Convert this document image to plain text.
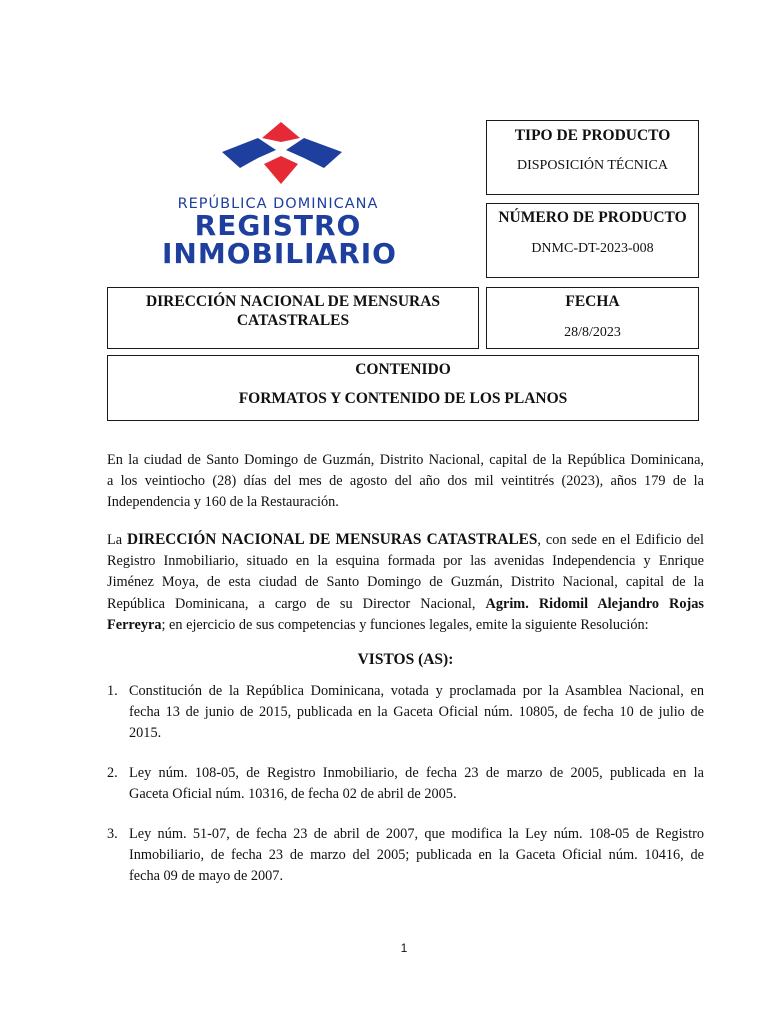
REPÚBLICA DOMINICANA
REGISTRO
INMOBILIARIO
TIPO DE PRODUCTO
DISPOSICIÓN TÉCNICA
NÚMERO DE PRODUCTO
DNMC-DT-2023-008
DIRECCIÓN NACIONAL DE MENSURAS
CATASTRALES
FECHA
28/8/2023
CONTENIDO
FORMATOS Y CONTENIDO DE LOS PLANOS
En la ciudad de Santo Domingo de Guzmán, Distrito Nacional, capital de la República Dominicana,
a los veintiocho (28) días del mes de agosto del año dos mil veintitrés (2023), años 179 de la
Independencia y 160 de la Restauración.
La DIRECCIÓN NACIONAL DE MENSURAS CATASTRALES, con sede en el Edificio del
Registro Inmobiliario, situado en la esquina formada por las avenidas Independencia y Enrique
Jiménez Moya, de esta ciudad de Santo Domingo de Guzmán, Distrito Nacional, capital de la
República Dominicana, a cargo de su Director Nacional, Agrim. Ridomil Alejandro Rojas
Ferreyra; en ejercicio de sus competencias y funciones legales, emite la siguiente Resolución:
VISTOS (AS):
1. Constitución de la República Dominicana, votada y proclamada por la Asamblea Nacional, en
fecha 13 de junio de 2015, publicada en la Gaceta Oficial núm. 10805, de fecha 10 de julio de
2015.
2. Ley núm. 108-05, de Registro Inmobiliario, de fecha 23 de marzo de 2005, publicada en la
Gaceta Oficial núm. 10316, de fecha 02 de abril de 2005.
3. Ley núm. 51-07, de fecha 23 de abril de 2007, que modifica la Ley núm. 108-05 de Registro
Inmobiliario, de fecha 23 de marzo del 2005; publicada en la Gaceta Oficial núm. 10416, de
fecha 09 de mayo de 2007.
1
